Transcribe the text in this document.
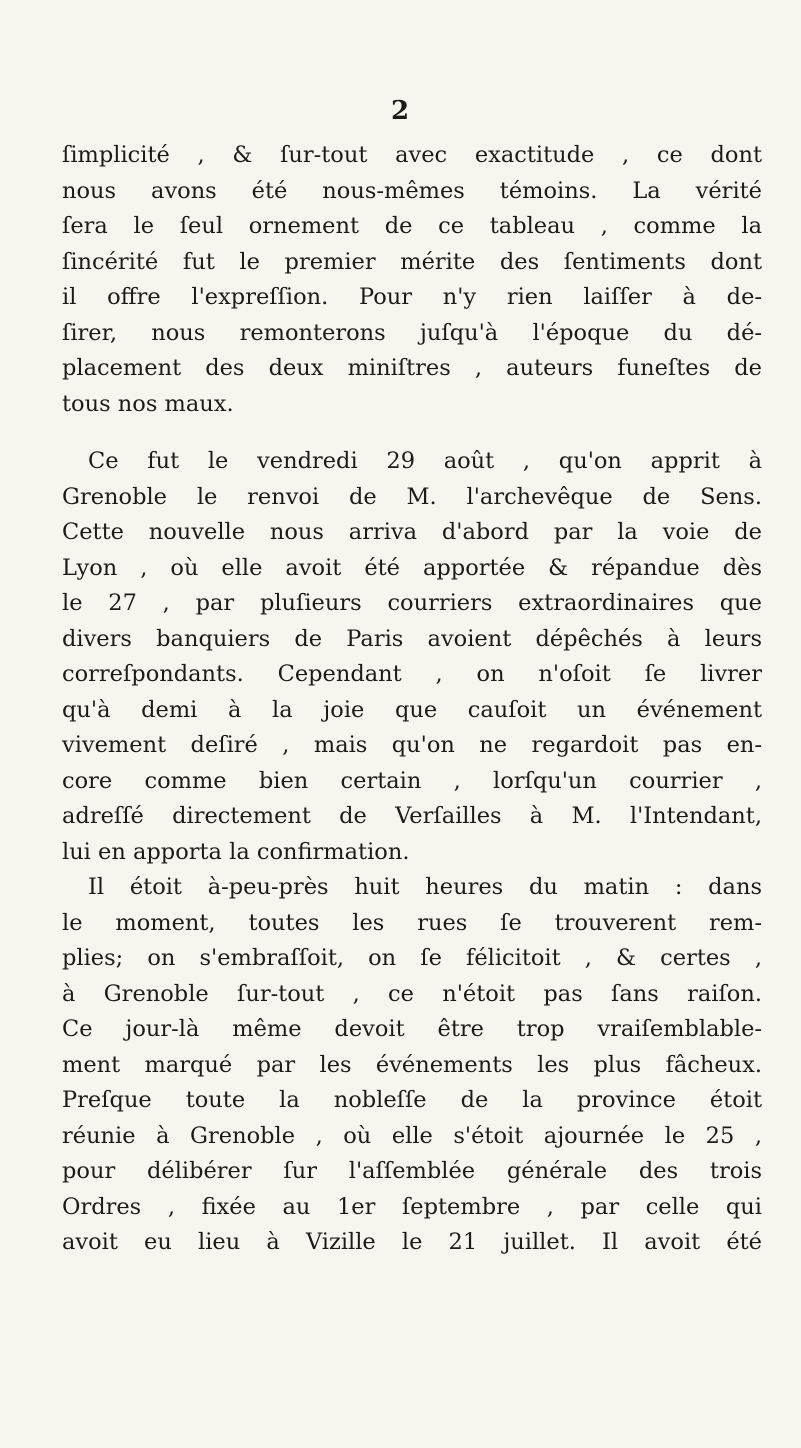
2
ſimplicité , & ſur-tout avec exactitude , ce dont
nous avons été nous-mêmes témoins. La vérité
ſera le ſeul ornement de ce tableau , comme la
ſincérité fut le premier mérite des ſentiments dont
il offre l'expreſſion. Pour n'y rien laiſſer à de-
ſirer, nous remonterons juſqu'à l'époque du dé-
placement des deux miniſtres , auteurs funeſtes de
tous nos maux.
Ce fut le vendredi 29 août , qu'on apprit à
Grenoble le renvoi de M. l'archevêque de Sens.
Cette nouvelle nous arriva d'abord par la voie de
Lyon , où elle avoit été apportée & répandue dès
le 27 , par pluſieurs courriers extraordinaires que
divers banquiers de Paris avoient dépêchés à leurs
correſpondants. Cependant , on n'oſoit ſe livrer
qu'à demi à la joie que cauſoit un événement
vivement deſiré , mais qu'on ne regardoit pas en-
core comme bien certain , lorſqu'un courrier ,
adreſſé directement de Verſailles à M. l'Intendant,
lui en apporta la confirmation.
Il étoit à-peu-près huit heures du matin : dans
le moment, toutes les rues ſe trouverent rem-
plies; on s'embraſſoit, on ſe félicitoit , & certes ,
à Grenoble ſur-tout , ce n'étoit pas ſans raiſon.
Ce jour-là même devoit être trop vraiſemblable-
ment marqué par les événements les plus fâcheux.
Preſque toute la nobleſſe de la province étoit
réunie à Grenoble , où elle s'étoit ajournée le 25 ,
pour délibérer ſur l'aſſemblée générale des trois
Ordres , fixée au 1er ſeptembre , par celle qui
avoit eu lieu à Vizille le 21 juillet. Il avoit été
